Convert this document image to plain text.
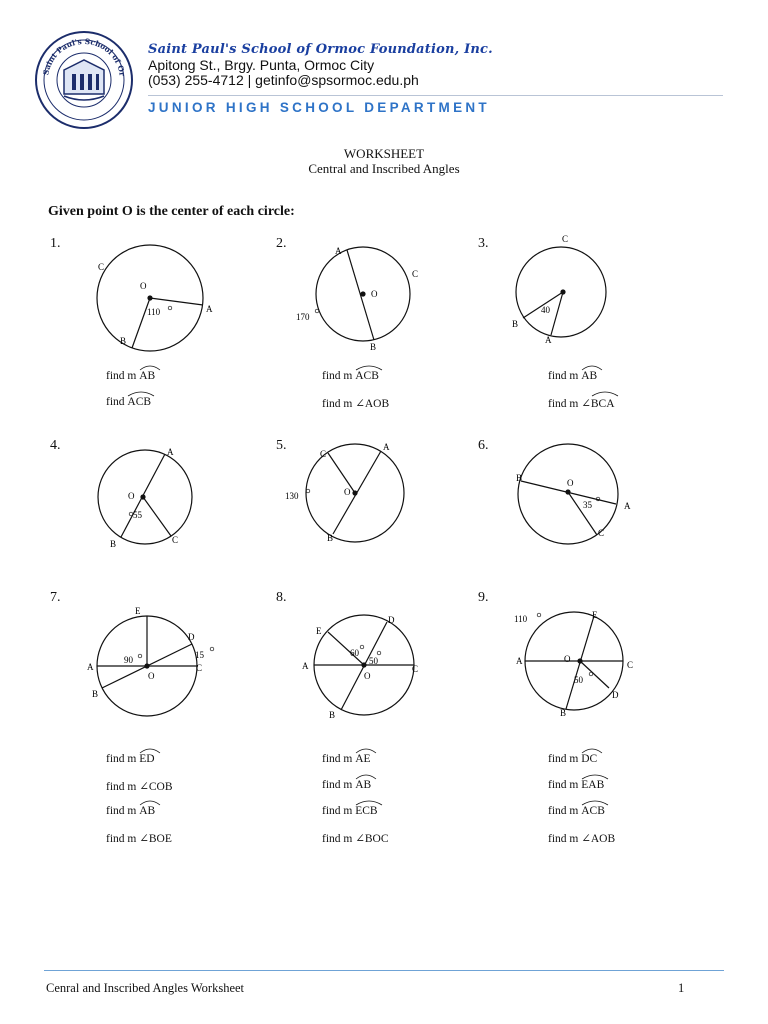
Saint Paul's School of Or
Saint Paul's School of Ormoc Foundation, Inc.
Apitong St., Brgy. Punta, Ormoc City
(053) 255-4712 | getinfo@spsormoc.edu.ph
JUNIOR HIGH SCHOOL DEPARTMENT
WORKSHEET
Central and Inscribed Angles
Given point O is the center of each circle:
1.
O
C
A
B
110
2.
O
A
C
B
170
3.	C
B
A
40
find m AB
find ACB
find m ACB
find m ∠AOB
find m AB
find m ∠
BCA
4.
O
A
B	C
55
5.
O
C
A
B
130
6.
O
B
A
C
35
7.
O
E
D
A	C
B
90	15
8.
O
D
E
A	C
B
60
50
9.
O
E
A	C
D
B
110
50
find m ED
find m ∠COB
find m AB
find m ∠BOE
find m AE
find m AB
find m ECB
find m ∠BOC
find m DC
find m EAB
find m ACB
find m ∠AOB
Cenral and Inscribed Angles Worksheet	1
